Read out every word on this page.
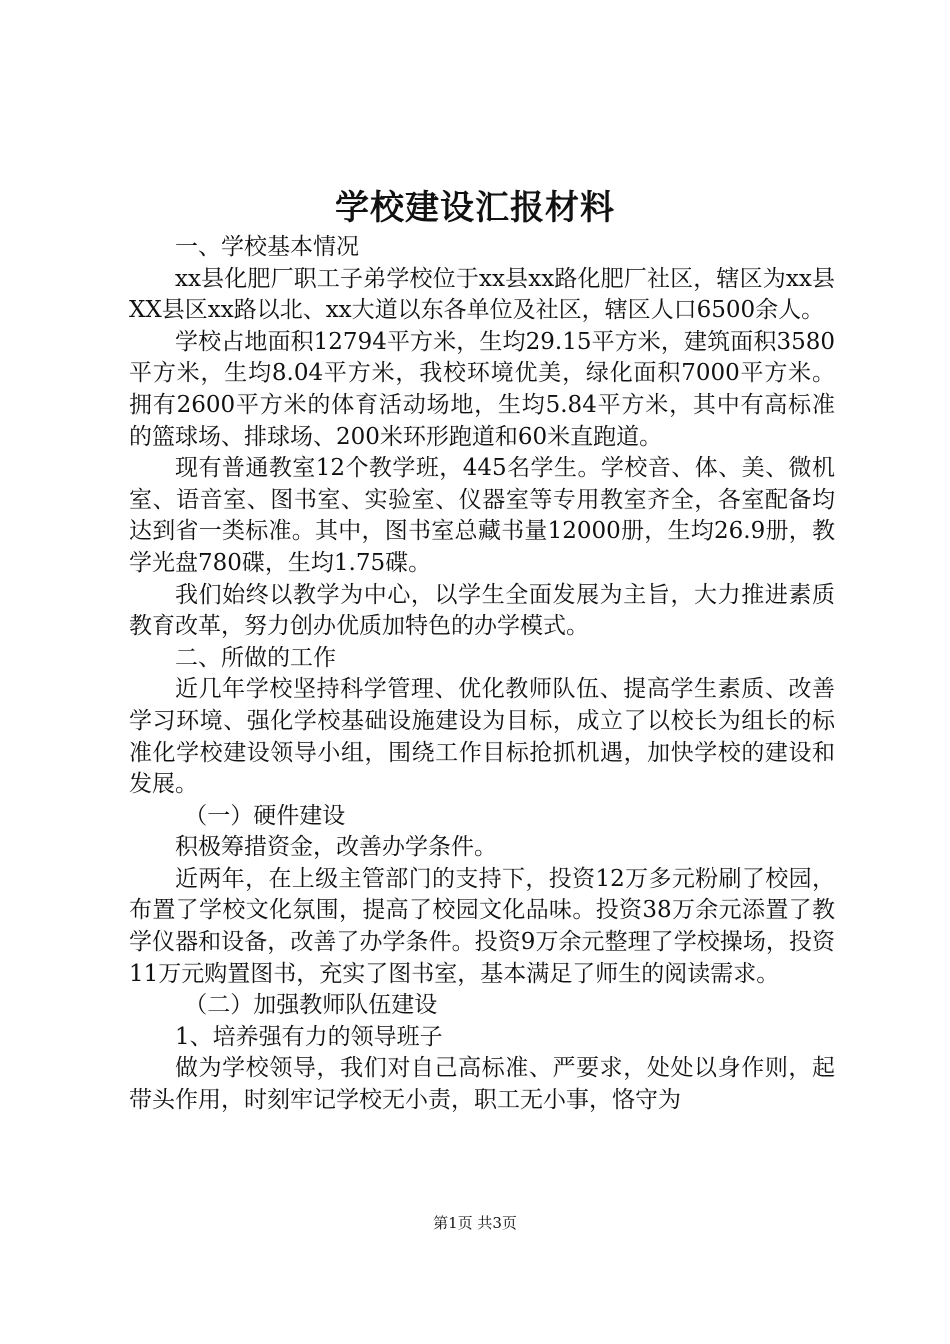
学校建设汇报材料

一、学校基本情况

xx县化肥厂职工子弟学校位于xx县xx路化肥厂社区，辖区为xx县XX县区xx路以北、xx大道以东各单位及社区，辖区人口6500余人。

学校占地面积12794平方米，生均29.15平方米，建筑面积3580平方米，生均8.04平方米，我校环境优美，绿化面积7000平方米。拥有2600平方米的体育活动场地，生均5.84平方米，其中有高标准的篮球场、排球场、200米环形跑道和60米直跑道。

现有普通教室12个教学班，445名学生。学校音、体、美、微机室、语音室、图书室、实验室、仪器室等专用教室齐全，各室配备均达到省一类标准。其中，图书室总藏书量12000册，生均26.9册，教学光盘780碟，生均1.75碟。

我们始终以教学为中心，以学生全面发展为主旨，大力推进素质教育改革，努力创办优质加特色的办学模式。

二、所做的工作

近几年学校坚持科学管理、优化教师队伍、提高学生素质、改善学习环境、强化学校基础设施建设为目标，成立了以校长为组长的标准化学校建设领导小组，围绕工作目标抢抓机遇，加快学校的建设和发展。

（一）硬件建设

积极筹措资金，改善办学条件。

近两年，在上级主管部门的支持下，投资12万多元粉刷了校园，布置了学校文化氛围，提高了校园文化品味。投资38万余元添置了教学仪器和设备，改善了办学条件。投资9万余元整理了学校操场，投资11万元购置图书，充实了图书室，基本满足了师生的阅读需求。

（二）加强教师队伍建设

1、培养强有力的领导班子

做为学校领导，我们对自己高标准、严要求，处处以身作则，起带头作用，时刻牢记学校无小责，职工无小事，恪守为

第1页 共3页
